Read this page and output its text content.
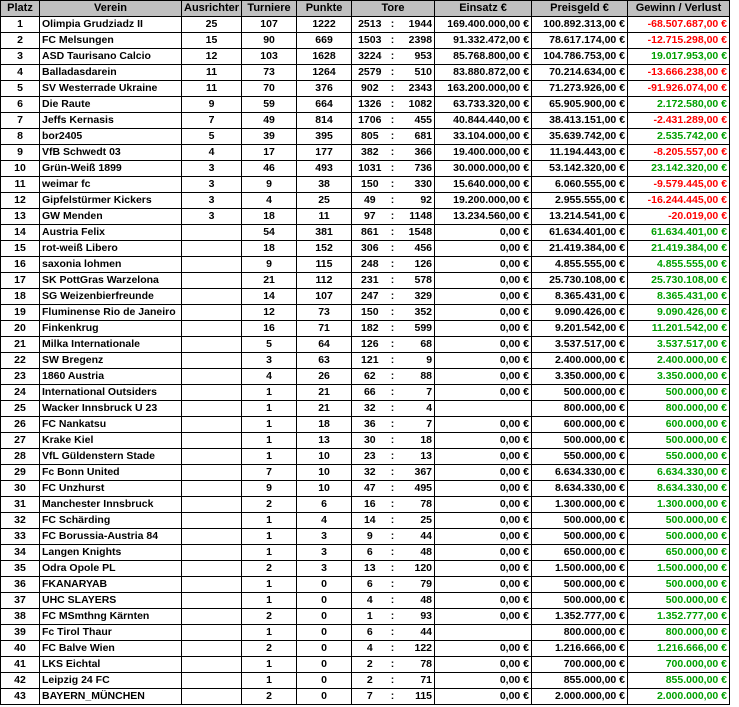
Platz	Verein	Ausrichter	Turniere	Punkte	Tore			Einsatz €	Preisgeld €	Gewinn / Verlust
1	Olimpia Grudziadz II	25	107	1222	2513	:	1944	169.400.000,00 €	100.892.313,00 €	-68.507.687,00 €
2	FC Melsungen	15	90	669	1503	:	2398	91.332.472,00 €	78.617.174,00 €	-12.715.298,00 €
3	ASD Taurisano Calcio	12	103	1628	3224	:	953	85.768.800,00 €	104.786.753,00 €	19.017.953,00 €
4	Balladasdarein	11	73	1264	2579	:	510	83.880.872,00 €	70.214.634,00 €	-13.666.238,00 €
5	SV Westerrade Ukraine	11	70	376	902	:	2343	163.200.000,00 €	71.273.926,00 €	-91.926.074,00 €
6	Die Raute	9	59	664	1326	:	1082	63.733.320,00 €	65.905.900,00 €	2.172.580,00 €
7	Jeffs Kernasis	7	49	814	1706	:	455	40.844.440,00 €	38.413.151,00 €	-2.431.289,00 €
8	bor2405	5	39	395	805	:	681	33.104.000,00 €	35.639.742,00 €	2.535.742,00 €
9	VfB Schwedt 03	4	17	177	382	:	366	19.400.000,00 €	11.194.443,00 €	-8.205.557,00 €
10	Grün-Weiß 1899	3	46	493	1031	:	736	30.000.000,00 €	53.142.320,00 €	23.142.320,00 €
11	weimar fc	3	9	38	150	:	330	15.640.000,00 €	6.060.555,00 €	-9.579.445,00 €
12	Gipfelstürmer Kickers	3	4	25	49	:	92	19.200.000,00 €	2.955.555,00 €	-16.244.445,00 €
13	GW Menden	3	18	11	97	:	1148	13.234.560,00 €	13.214.541,00 €	-20.019,00 €
14	Austria Felix		54	381	861	:	1548	0,00 €	61.634.401,00 €	61.634.401,00 €
15	rot-weiß Libero		18	152	306	:	456	0,00 €	21.419.384,00 €	21.419.384,00 €
16	saxonia lohmen		9	115	248	:	126	0,00 €	4.855.555,00 €	4.855.555,00 €
17	SK PottGras Warzelona		21	112	231	:	578	0,00 €	25.730.108,00 €	25.730.108,00 €
18	SG Weizenbierfreunde		14	107	247	:	329	0,00 €	8.365.431,00 €	8.365.431,00 €
19	Fluminense Rio de Janeiro		12	73	150	:	352	0,00 €	9.090.426,00 €	9.090.426,00 €
20	Finkenkrug		16	71	182	:	599	0,00 €	9.201.542,00 €	11.201.542,00 €
21	Milka Internationale		5	64	126	:	68	0,00 €	3.537.517,00 €	3.537.517,00 €
22	SW Bregenz		3	63	121	:	9	0,00 €	2.400.000,00 €	2.400.000,00 €
23	1860 Austria		4	26	62	:	88	0,00 €	3.350.000,00 €	3.350.000,00 €
24	International Outsiders		1	21	66	:	7	0,00 €	500.000,00 €	500.000,00 €
25	Wacker Innsbruck U 23		1	21	32	:	4		800.000,00 €	800.000,00 €
26	FC Nankatsu		1	18	36	:	7	0,00 €	600.000,00 €	600.000,00 €
27	Krake Kiel		1	13	30	:	18	0,00 €	500.000,00 €	500.000,00 €
28	VfL Güldenstern Stade		1	10	23	:	13	0,00 €	550.000,00 €	550.000,00 €
29	Fc Bonn United		7	10	32	:	367	0,00 €	6.634.330,00 €	6.634.330,00 €
30	FC Unzhurst		9	10	47	:	495	0,00 €	8.634.330,00 €	8.634.330,00 €
31	Manchester Innsbruck		2	6	16	:	78	0,00 €	1.300.000,00 €	1.300.000,00 €
32	FC Schärding		1	4	14	:	25	0,00 €	500.000,00 €	500.000,00 €
33	FC Borussia-Austria 84		1	3	9	:	44	0,00 €	500.000,00 €	500.000,00 €
34	Langen Knights		1	3	6	:	48	0,00 €	650.000,00 €	650.000,00 €
35	Odra Opole PL		2	3	13	:	120	0,00 €	1.500.000,00 €	1.500.000,00 €
36	FKANARYAB		1	0	6	:	79	0,00 €	500.000,00 €	500.000,00 €
37	UHC SLAYERS		1	0	4	:	48	0,00 €	500.000,00 €	500.000,00 €
38	FC MSmthng Kärnten		2	0	1	:	93	0,00 €	1.352.777,00 €	1.352.777,00 €
39	Fc Tirol Thaur		1	0	6	:	44		800.000,00 €	800.000,00 €
40	FC Balve Wien		2	0	4	:	122	0,00 €	1.216.666,00 €	1.216.666,00 €
41	LKS Eichtal		1	0	2	:	78	0,00 €	700.000,00 €	700.000,00 €
42	Leipzig 24 FC		1	0	2	:	71	0,00 €	855.000,00 €	855.000,00 €
43	BAYERN_MÜNCHEN		2	0	7	:	115	0,00 €	2.000.000,00 €	2.000.000,00 €
